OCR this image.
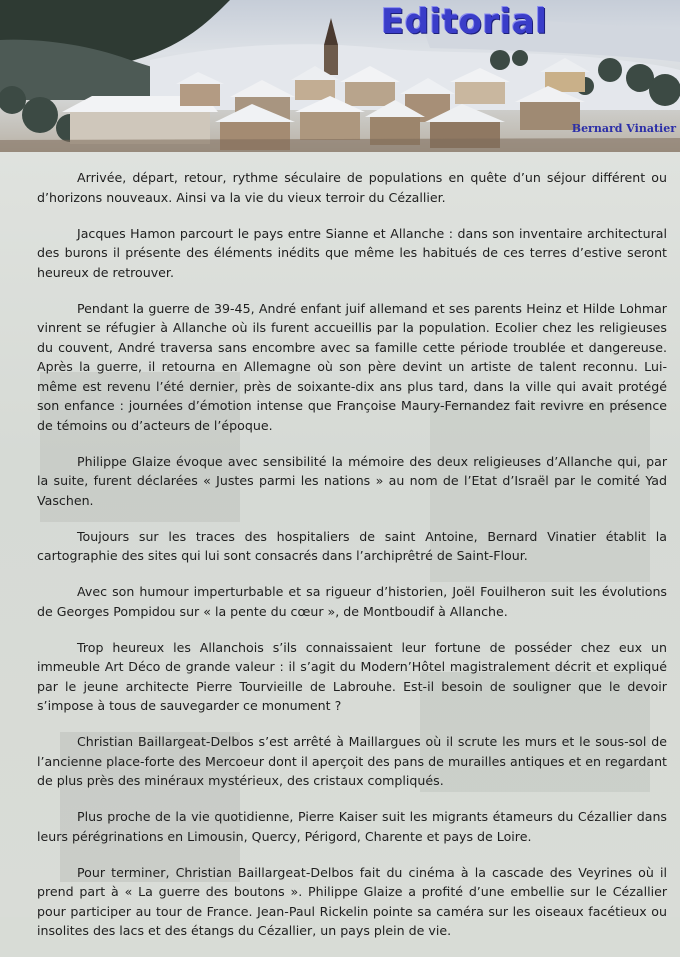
Editorial
Bernard Vinatier

Arrivée, départ, retour, rythme séculaire de populations en quête d’un séjour différent ou d’horizons nouveaux. Ainsi va la vie du vieux terroir du Cézallier.

Jacques Hamon parcourt le pays entre Sianne et Allanche : dans son inventaire architectural des burons il présente des éléments inédits que même les habitués de ces terres d’estive seront heureux de retrouver.

Pendant la guerre de 39-45, André enfant juif allemand et ses parents Heinz et Hilde Lohmar vinrent se réfugier à Allanche où ils furent accueillis par la population. Ecolier chez les religieuses du couvent, André traversa sans encombre avec sa famille cette période troublée et dangereuse. Après la guerre, il retourna en Allemagne où son père devint un artiste de talent reconnu. Lui-même est revenu l’été dernier, près de soixante-dix ans plus tard, dans la ville qui avait protégé son enfance : journées d’émotion intense que Françoise Maury-Fernandez fait revivre en présence de témoins ou d’acteurs de l’époque.

Philippe Glaize évoque avec sensibilité la mémoire des deux religieuses d’Allanche qui, par la suite, furent déclarées « Justes parmi les nations » au nom de l’Etat d’Israël par le comité Yad Vaschen.

Toujours sur les traces des hospitaliers de saint Antoine, Bernard Vinatier établit la cartographie des sites qui lui sont consacrés dans l’archiprêtré de Saint-Flour.

Avec son humour imperturbable et sa rigueur d’historien, Joël Fouilheron suit les évolutions de Georges Pompidou sur « la pente du cœur », de Montboudif à Allanche.

Trop heureux les Allanchois s’ils connaissaient leur fortune de posséder chez eux un immeuble Art Déco de grande valeur : il s’agit du Modern’Hôtel magistralement décrit et expliqué par le jeune architecte Pierre Tourvieille de Labrouhe. Est-il besoin de souligner que le devoir s’impose à tous de sauvegarder ce monument ?

Christian Baillargeat-Delbos s’est arrêté à Maillargues où il scrute les murs et le sous-sol de l’ancienne place-forte des Mercoeur dont il aperçoit des pans de murailles antiques et en regardant de plus près des minéraux mystérieux, des cristaux compliqués.

Plus proche de la vie quotidienne, Pierre Kaiser suit les migrants étameurs du Cézallier dans leurs pérégrinations en Limousin, Quercy, Périgord, Charente et pays de Loire.

Pour terminer, Christian Baillargeat-Delbos fait du cinéma à la cascade des Veyrines où il prend part à « La guerre des boutons ». Philippe Glaize a profité d’une embellie sur le Cézallier pour participer au tour de France. Jean-Paul Rickelin pointe sa caméra sur les oiseaux facétieux ou insolites des lacs et des étangs du Cézallier, un pays plein de vie.
